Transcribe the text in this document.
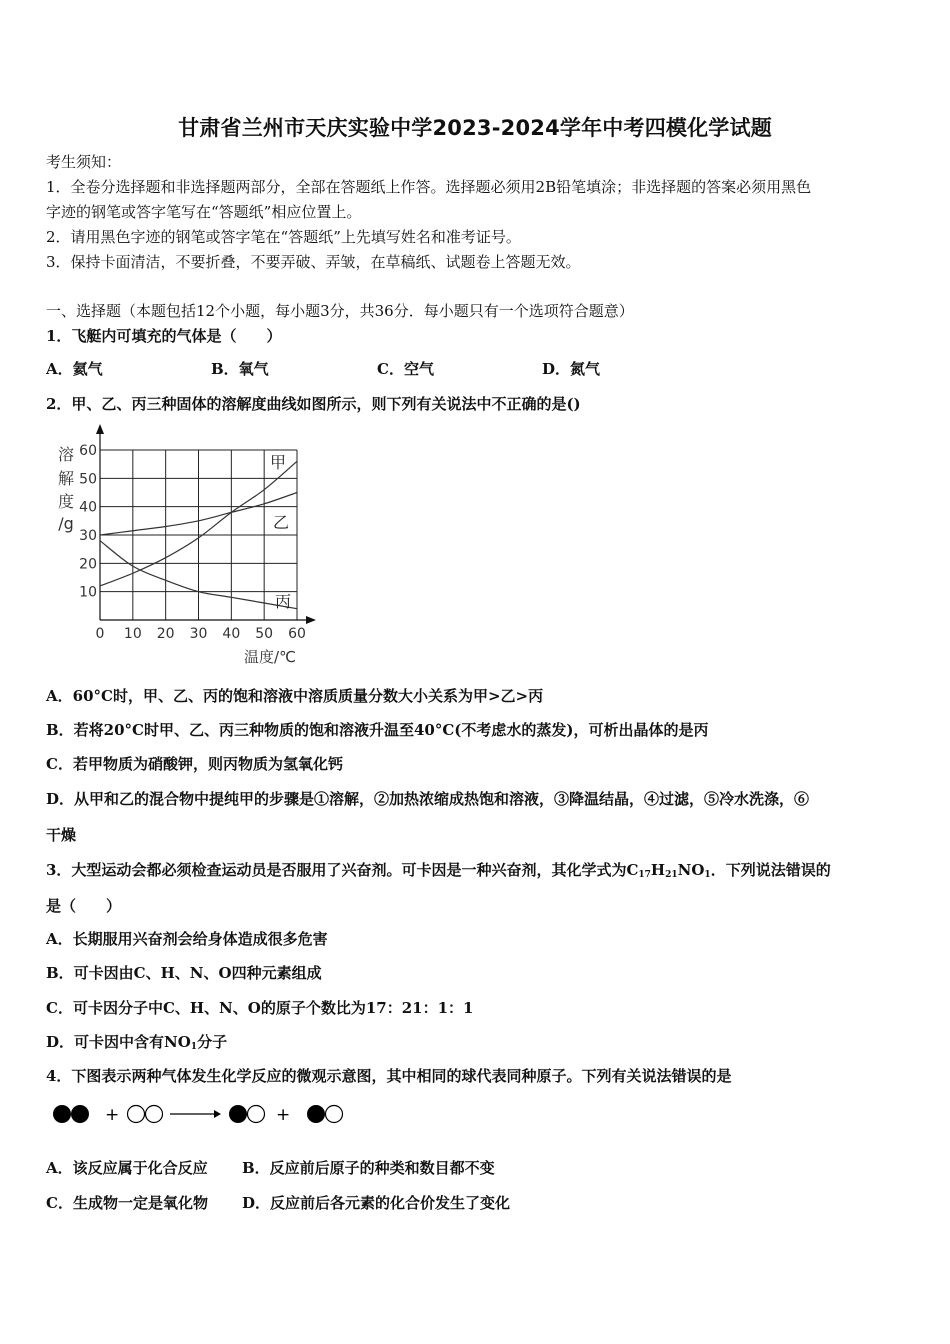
甘肃省兰州市天庆实验中学2023-2024学年中考四模化学试题
考生须知：
1．全卷分选择题和非选择题两部分，全部在答题纸上作答。选择题必须用2B铅笔填涂；非选择题的答案必须用黑色
字迹的钢笔或答字笔写在“答题纸”相应位置上。
2．请用黑色字迹的钢笔或答字笔在“答题纸”上先填写姓名和准考证号。
3．保持卡面清洁，不要折叠，不要弄破、弄皱，在草稿纸、试题卷上答题无效。
一、选择题（本题包括12个小题，每小题3分，共36分．每小题只有一个选项符合题意）
1．飞艇内可填充的气体是（　　）
A．氦气	B．氧气	C．空气	D．氮气
2．甲、乙、丙三种固体的溶解度曲线如图所示，则下列有关说法中不正确的是()
0 10 20 30 40 50 60
10
20
30
40
50
60
溶
解
度
/g
温度/℃
甲
乙
丙
A．60°C时，甲、乙、丙的饱和溶液中溶质质量分数大小关系为甲>乙>丙
B．若将20°C时甲、乙、丙三种物质的饱和溶液升温至40°C(不考虑水的蒸发)，可析出晶体的是丙
C．若甲物质为硝酸钾，则丙物质为氢氧化钙
D．从甲和乙的混合物中提纯甲的步骤是①溶解，②加热浓缩成热饱和溶液，③降温结晶，④过滤，⑤冷水洗涤，⑥
干燥
3．大型运动会都必须检查运动员是否服用了兴奋剂。可卡因是一种兴奋剂，其化学式为$C_{17}H_{21}NO_1$．下列说法错误的
是（　　）
A．长期服用兴奋剂会给身体造成很多危害
B．可卡因由C、H、N、O四种元素组成
C．可卡因分子中C、H、N、O的原子个数比为17：21：1：1
D．可卡因中含有$NO_1$分子
4．下图表示两种气体发生化学反应的微观示意图，其中相同的球代表同种原子。下列有关说法错误的是
+	+
A．该反应属于化合反应 B．反应前后原子的种类和数目都不变
C．生成物一定是氧化物 D．反应前后各元素的化合价发生了变化
